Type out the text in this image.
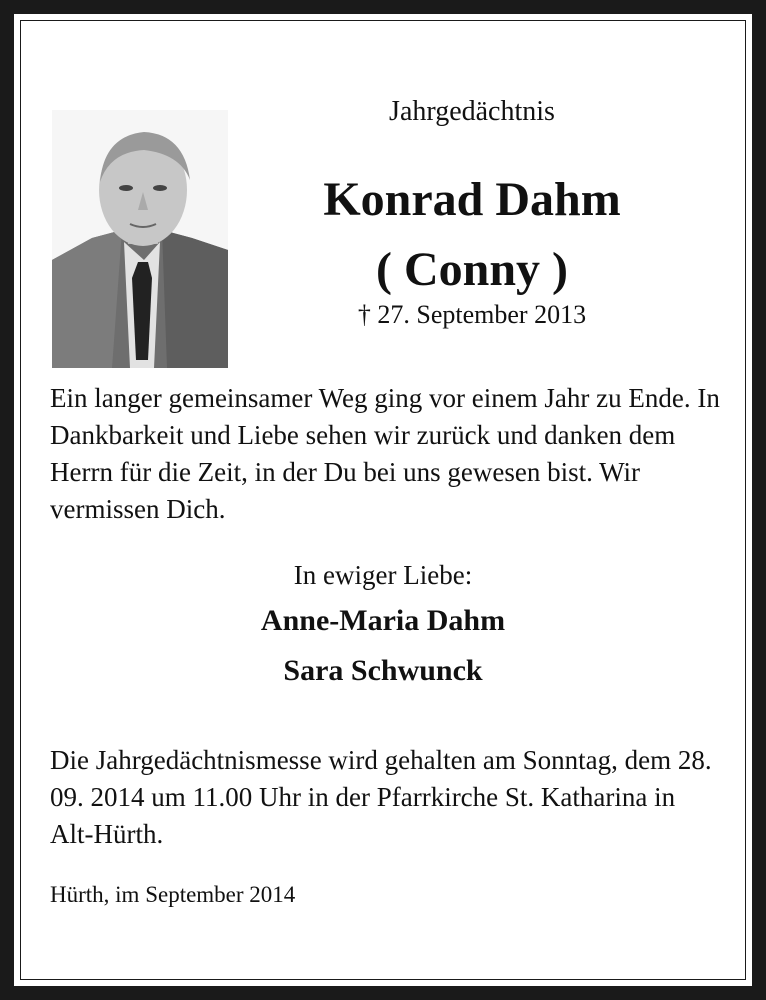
Jahrgedächtnis
Konrad Dahm
( Conny )
† 27. September 2013
Ein langer gemeinsamer Weg ging vor einem Jahr zu Ende. In Dankbarkeit und Liebe sehen wir zurück und danken dem Herrn für die Zeit, in der Du bei uns gewesen bist. Wir vermissen Dich.
In ewiger Liebe:
Anne-Maria Dahm
Sara Schwunck
Die Jahrgedächtnismesse wird gehalten am Sonntag, dem 28. 09. 2014 um 11.00 Uhr in der Pfarrkirche St. Katharina in Alt-Hürth.
Hürth, im September 2014
